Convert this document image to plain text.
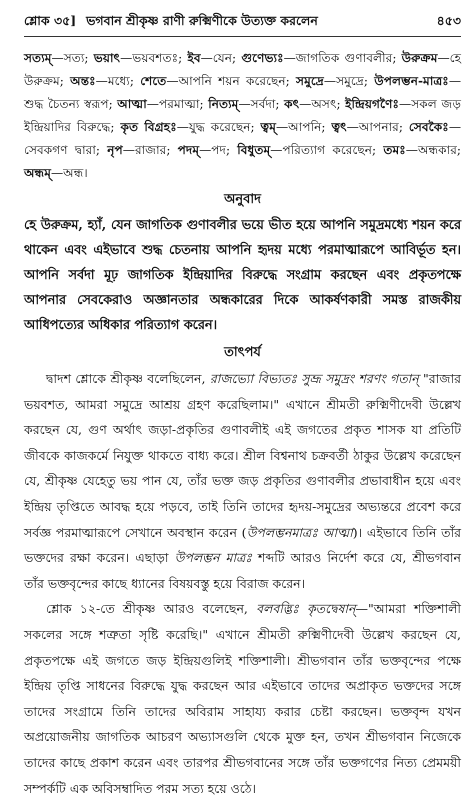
শ্লোক ৩৫] ভগবান শ্রীকৃষ্ণ রাণী রুক্মিণীকে উত্যক্ত করলেন	৪৫৩
সত্যম্—সত্য; ভয়াৎ—ভয়বশতঃ; ইব—যেন; গুণেভ্যঃ—জাগতিক গুণাবলীর; উরুক্রম—হে উরুক্রম; অন্তঃ—মধ্যে; শেতে—আপনি শয়ন করেছেন; সমুদ্রে—সমুদ্রে; উপলম্ভন-মাত্রঃ—শুদ্ধ চৈতন্য স্বরূপ; আত্মা—পরমাত্মা; নিত্যম্—সর্বদা; কৎ—অসৎ; ইন্দ্রিয়গণৈঃ—সকল জড় ইন্দ্রিয়াদির বিরুদ্ধে; কৃত বিগ্রহঃ—যুদ্ধ করেছেন; ত্বম্—আপনি; ত্বৎ—আপনার; সেবকৈঃ—সেবকগণ দ্বারা; নৃপ—রাজার; পদম্—পদ; বিধুতম্—পরিত্যাগ করেছেন; তমঃ—অন্ধকার; অন্ধম্—অন্ধ।
অনুবাদ
হে উরুক্রম, হ্যাঁ, যেন জাগতিক গুণাবলীর ভয়ে ভীত হয়ে আপনি সমুদ্রমধ্যে শয়ন করে থাকেন এবং এইভাবে শুদ্ধ চেতনায় আপনি হৃদয় মধ্যে পরমাত্মারূপে আবির্ভূত হন। আপনি সর্বদা মূঢ় জাগতিক ইন্দ্রিয়াদির বিরুদ্ধে সংগ্রাম করছেন এবং প্রকৃতপক্ষে আপনার সেবকেরাও অজ্ঞানতার অন্ধকারের দিকে আকর্ষণকারী সমস্ত রাজকীয় আধিপত্যের অধিকার পরিত্যাগ করেন।
তাৎপর্য

দ্বাদশ শ্লোকে শ্রীকৃষ্ণ বলেছিলেন, রাজভ্যো বিভ্যতঃ সুভ্রূ সমুদ্রং শরণং গতান্ "রাজার ভয়বশত, আমরা সমুদ্রে আশ্রয় গ্রহণ করেছিলাম।" এখানে শ্রীমতী রুক্মিণীদেবী উল্লেখ করছেন যে, গুণ অর্থাৎ জড়া-প্রকৃতির গুণাবলীই এই জগতের প্রকৃত শাসক যা প্রতিটি জীবকে কাজকর্মে নিযুক্ত থাকতে বাধ্য করে। শ্রীল বিশ্বনাথ চক্রবর্তী ঠাকুর উল্লেখ করেছেন যে, শ্রীকৃষ্ণ যেহেতু ভয় পান যে, তাঁর ভক্ত জড় প্রকৃতির গুণাবলীর প্রভাবাধীন হয়ে এবং ইন্দ্রিয় তৃপ্তিতে আবদ্ধ হয়ে পড়বে, তাই তিনি তাদের হৃদয়-সমুদ্রের অভ্যন্তরে প্রবেশ করে সর্বজ্ঞ পরমাত্মারূপে সেখানে অবস্থান করেন (উপলম্ভনমাত্রঃ আত্মা)। এইভাবে তিনি তাঁর ভক্তদের রক্ষা করেন। এছাড়া উপলম্ভন মাত্রঃ শব্দটি আরও নির্দেশ করে যে, শ্রীভগবান তাঁর ভক্তবৃন্দের কাছে ধ্যানের বিষয়বস্তু হয়ে বিরাজ করেন।

শ্লোক ১২-তে শ্রীকৃষ্ণ আরও বলেছেন, বলবদ্ভিঃ কৃতদ্বেষান্—"আমরা শক্তিশালী সকলের সঙ্গে শত্রুতা সৃষ্টি করেছি।" এখানে শ্রীমতী রুক্মিণীদেবী উল্লেখ করছেন যে, প্রকৃতপক্ষে এই জগতে জড় ইন্দ্রিয়গুলিই শক্তিশালী। শ্রীভগবান তাঁর ভক্তবৃন্দের পক্ষে ইন্দ্রিয় তৃপ্তি সাধনের বিরুদ্ধে যুদ্ধ করছেন আর এইভাবে তাদের অপ্রাকৃত ভক্তদের সঙ্গে তাদের সংগ্রামে তিনি তাদের অবিরাম সাহায্য করার চেষ্টা করছেন। ভক্তবৃন্দ যখন অপ্রয়োজনীয় জাগতিক আচরণ অভ্যাসগুলি থেকে মুক্ত হন, তখন শ্রীভগবান নিজেকে তাদের কাছে প্রকাশ করেন এবং তারপর শ্রীভগবানের সঙ্গে তাঁর ভক্তগণের নিত্য প্রেমময়ী সম্পর্কটি এক অবিসম্বাদিত পরম সত্য হয়ে ওঠে।
